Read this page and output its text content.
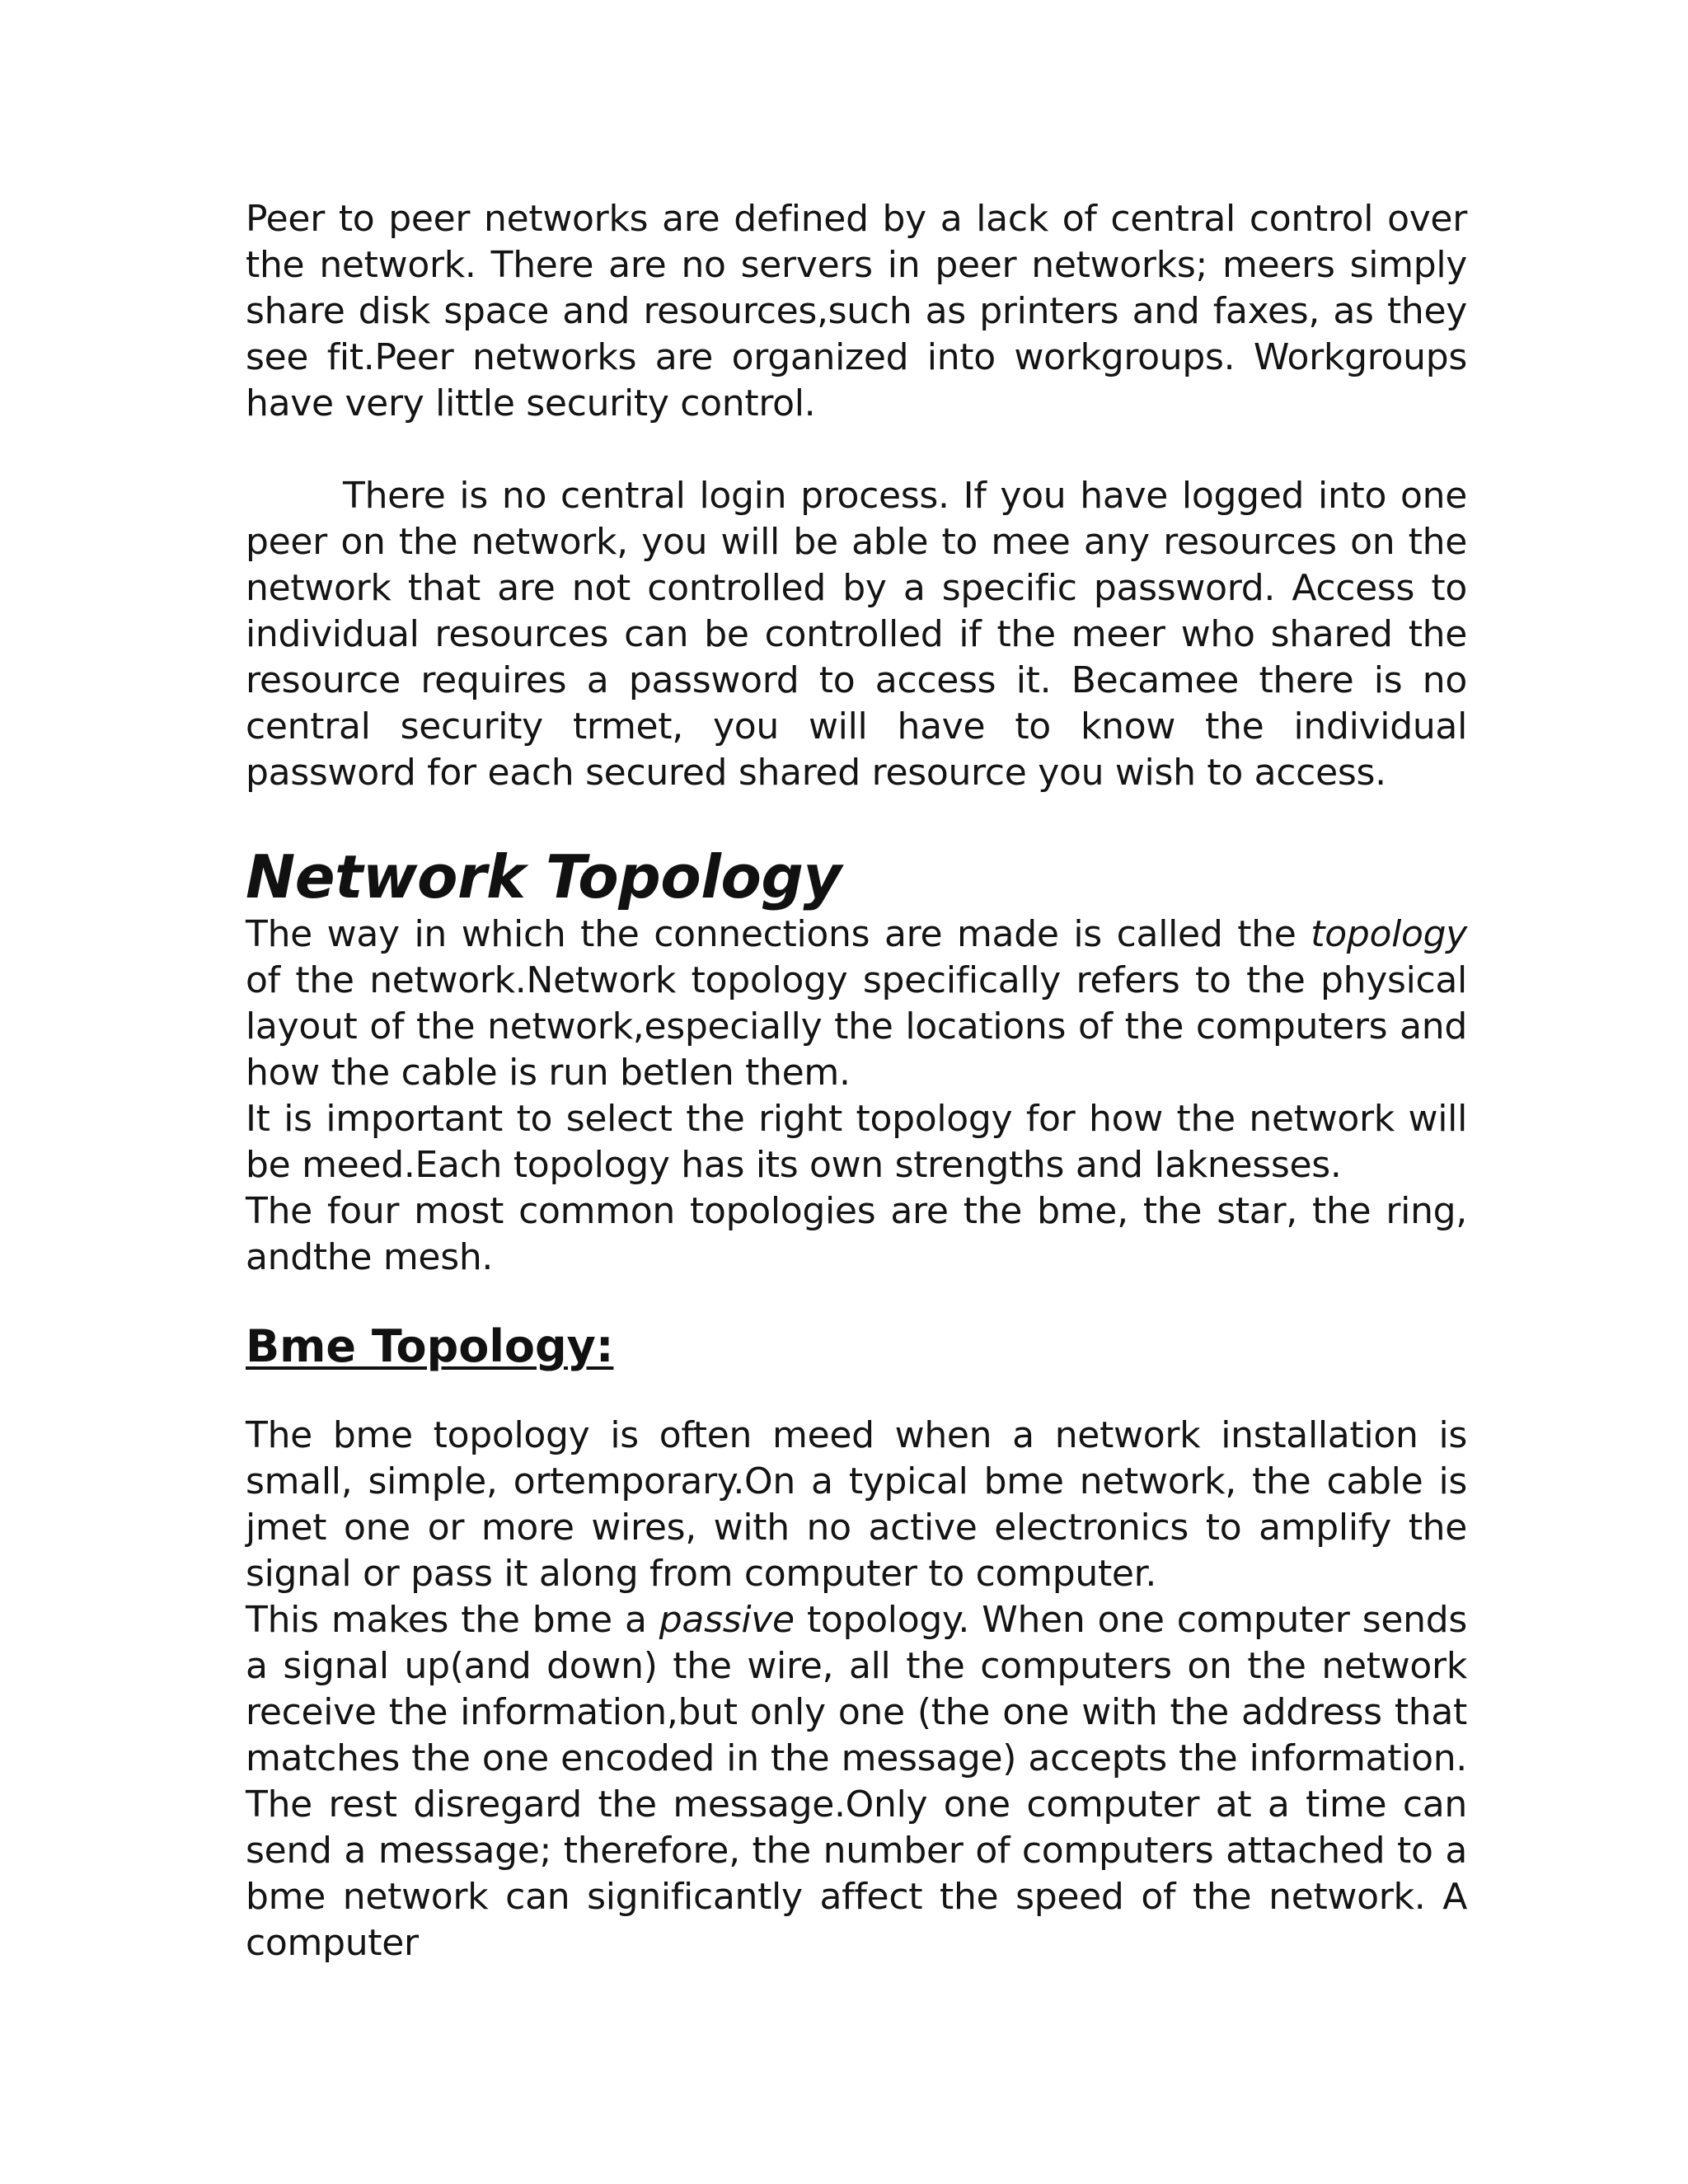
Peer to peer networks are defined by a lack of central control over the network. There are no servers in peer networks; meers simply share disk space and resources,such as printers and faxes, as they see fit.Peer networks are organized into workgroups. Workgroups have very little security control.

There is no central login process. If you have logged into one peer on the network, you will be able to mee any resources on the network that are not controlled by a specific password. Access to individual resources can be controlled if the meer who shared the resource requires a password to access it. Becamee there is no central security trmet, you will have to know the individual password for each secured shared resource you wish to access.

Network Topology

The way in which the connections are made is called the topology of the network.Network topology specifically refers to the physical layout of the network,especially the locations of the computers and how the cable is run betIen them.

It is important to select the right topology for how the network will be meed.Each topology has its own strengths and Iaknesses.

The four most common topologies are the bme, the star, the ring, andthe mesh.

Bme Topology:

The bme topology is often meed when a network installation is small, simple, ortemporary.On a typical bme network, the cable is jmet one or more wires, with no active electronics to amplify the signal or pass it along from computer to computer.

This makes the bme a passive topology. When one computer sends a signal up(and down) the wire, all the computers on the network receive the information,but only one (the one with the address that matches the one encoded in the message) accepts the information. The rest disregard the message.Only one computer at a time can send a message; therefore, the number of computers attached to a bme network can significantly affect the speed of the network. A computer
